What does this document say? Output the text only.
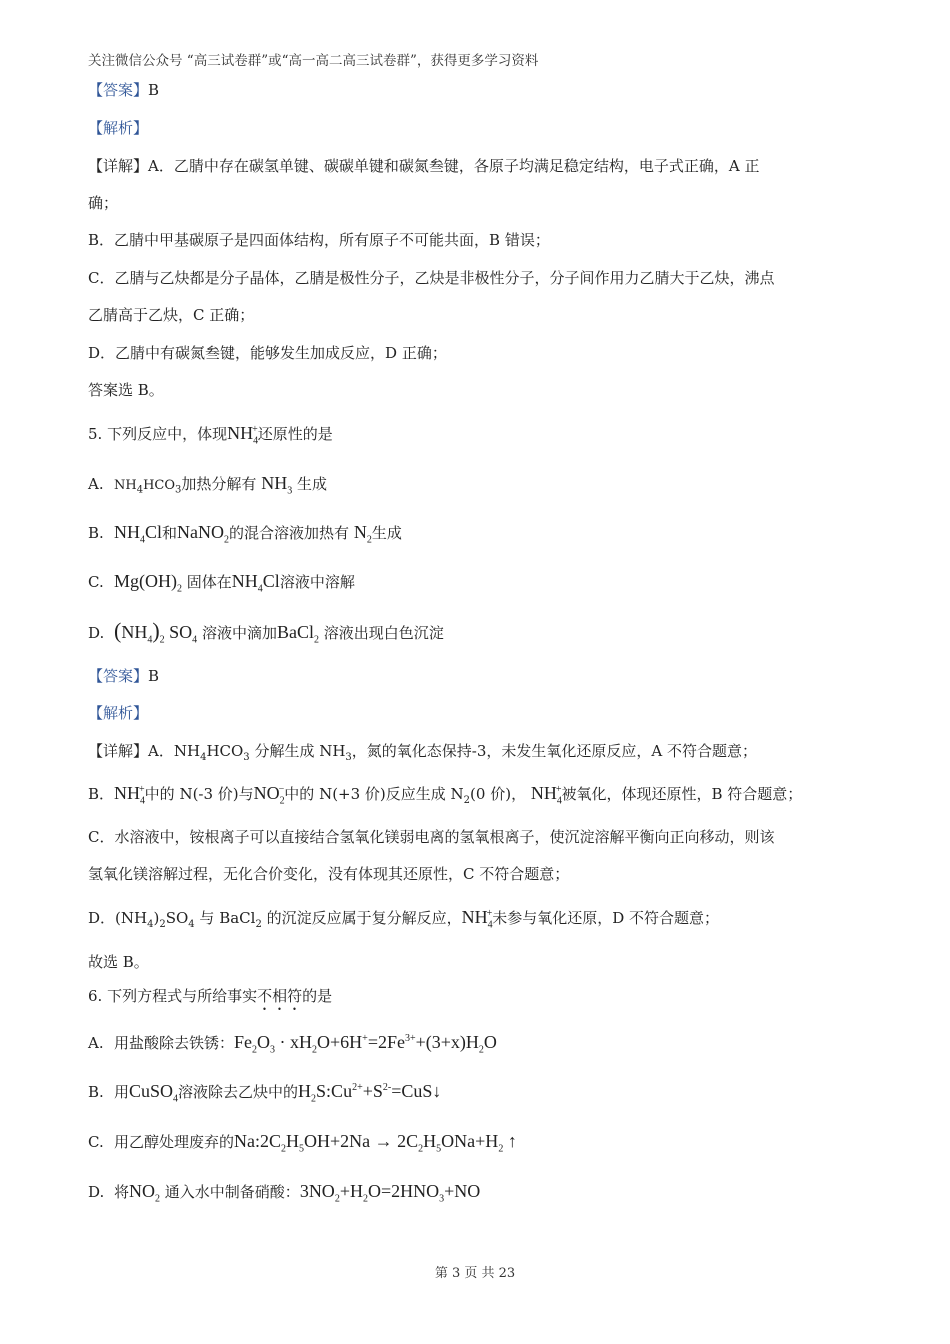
关注微信公众号 “高三试卷群”或“高一高二高三试卷群”，获得更多学习资料
【答案】B
【解析】
【详解】A．乙腈中存在碳氢单键、碳碳单键和碳氮叁键，各原子均满足稳定结构，电子式正确，A 正
确；
B．乙腈中甲基碳原子是四面体结构，所有原子不可能共面，B 错误；
C．乙腈与乙炔都是分子晶体，乙腈是极性分子，乙炔是非极性分子，分子间作用力乙腈大于乙炔，沸点
乙腈高于乙炔，C 正确；
D．乙腈中有碳氮叁键，能够发生加成反应，D 正确；
答案选 B。
5. 下列反应中，体现$NH_4^+$还原性的是
A. $NH_4HCO_3$加热分解有 $NH_3$ 生成
B. $NH_4Cl$和NaNO$_2$的混合溶液加热有 $N_2$生成
C. $Mg(OH)_2$ 固体在$NH_4Cl$溶液中溶解
D. $(NH_4)_2$ $SO_4$ 溶液中滴加BaCl$_2$ 溶液出现白色沉淀
【答案】B
【解析】
【详解】A．$NH_4HCO_3$ 分解生成 $NH_3$，氮的氧化态保持-3，未发生氧化还原反应，A 不符合题意；
B．$NH_4^+$中的 N(-3 价)与$NO_2^-$中的 N(+3 价)反应生成 $N_2(0$ 价)， $NH_4^+$被氧化，体现还原性，B 符合题意；
C．水溶液中，铵根离子可以直接结合氢氧化镁弱电离的氢氧根离子，使沉淀溶解平衡向正向移动，则该
氢氧化镁溶解过程，无化合价变化，没有体现其还原性，C 不符合题意；
D．$(NH_4)_2SO_4$ 与 BaCl$_2$ 的沉淀反应属于复分解反应，$NH_4^+$未参与氧化还原，D 不符合题意；
故选 B。
6. 下列方程式与所给事实不相符的是
A. 用盐酸除去铁锈：$Fe_2O_3 \cdot xH_2O+6H^+=2Fe^{3+}+(3+x)H_2O$
B. 用CuSO$_4$溶液除去乙炔中的$H_2S:Cu^{2+}+S^{2-}=CuS↓$
C. 用乙醇处理废弃的$Na:2C_2H_5OH+2Na \to 2C_2H_5ONa+H_2$ ↑
D. 将$NO_2$ 通入水中制备硝酸：$3NO_2+H_2O=2HNO_3+NO$
第 3 页 共 23
